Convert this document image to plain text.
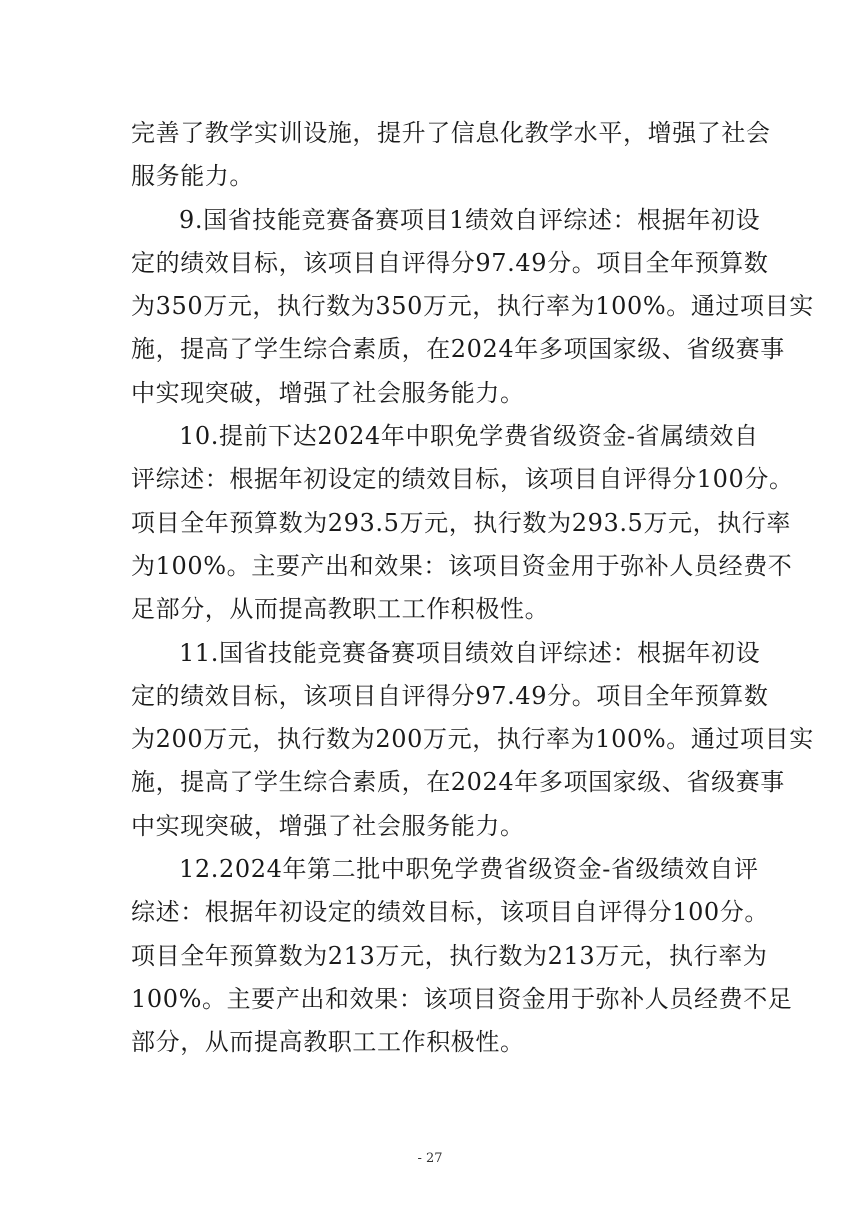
完善了教学实训设施，提升了信息化教学水平，增强了社会
服务能力。

9.国省技能竞赛备赛项目1绩效自评综述：根据年初设
定的绩效目标，该项目自评得分97.49分。项目全年预算数
为350万元，执行数为350万元，执行率为100%。通过项目实
施，提高了学生综合素质，在2024年多项国家级、省级赛事
中实现突破，增强了社会服务能力。

10.提前下达2024年中职免学费省级资金-省属绩效自
评综述：根据年初设定的绩效目标，该项目自评得分100分。
项目全年预算数为293.5万元，执行数为293.5万元，执行率
为100%。主要产出和效果：该项目资金用于弥补人员经费不
足部分，从而提高教职工工作积极性。

11.国省技能竞赛备赛项目绩效自评综述：根据年初设
定的绩效目标，该项目自评得分97.49分。项目全年预算数
为200万元，执行数为200万元，执行率为100%。通过项目实
施，提高了学生综合素质，在2024年多项国家级、省级赛事
中实现突破，增强了社会服务能力。

12.2024年第二批中职免学费省级资金-省级绩效自评
综述：根据年初设定的绩效目标，该项目自评得分100分。
项目全年预算数为213万元，执行数为213万元，执行率为
100%。主要产出和效果：该项目资金用于弥补人员经费不足
部分，从而提高教职工工作积极性。

- 27
